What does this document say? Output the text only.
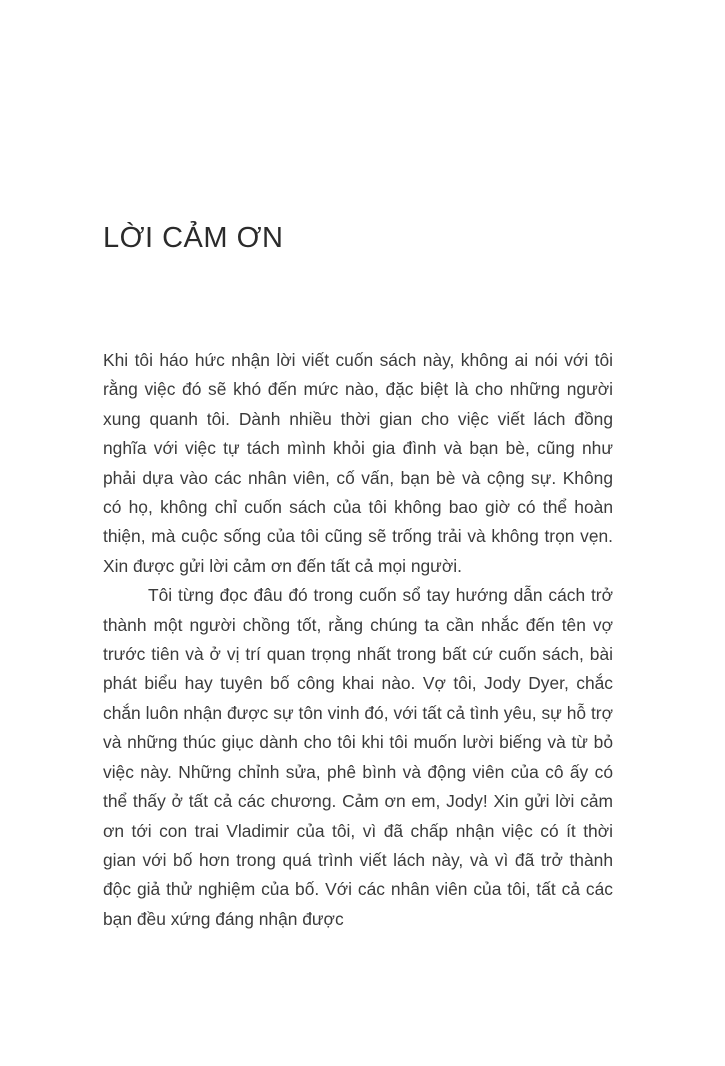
LỜI CẢM ƠN

Khi tôi háo hức nhận lời viết cuốn sách này, không ai nói với tôi rằng việc đó sẽ khó đến mức nào, đặc biệt là cho những người xung quanh tôi. Dành nhiều thời gian cho việc viết lách đồng nghĩa với việc tự tách mình khỏi gia đình và bạn bè, cũng như phải dựa vào các nhân viên, cố vấn, bạn bè và cộng sự. Không có họ, không chỉ cuốn sách của tôi không bao giờ có thể hoàn thiện, mà cuộc sống của tôi cũng sẽ trống trải và không trọn vẹn. Xin được gửi lời cảm ơn đến tất cả mọi người.

Tôi từng đọc đâu đó trong cuốn sổ tay hướng dẫn cách trở thành một người chồng tốt, rằng chúng ta cần nhắc đến tên vợ trước tiên và ở vị trí quan trọng nhất trong bất cứ cuốn sách, bài phát biểu hay tuyên bố công khai nào. Vợ tôi, Jody Dyer, chắc chắn luôn nhận được sự tôn vinh đó, với tất cả tình yêu, sự hỗ trợ và những thúc giục dành cho tôi khi tôi muốn lười biếng và từ bỏ việc này. Những chỉnh sửa, phê bình và động viên của cô ấy có thể thấy ở tất cả các chương. Cảm ơn em, Jody! Xin gửi lời cảm ơn tới con trai Vladimir của tôi, vì đã chấp nhận việc có ít thời gian với bố hơn trong quá trình viết lách này, và vì đã trở thành độc giả thử nghiệm của bố. Với các nhân viên của tôi, tất cả các bạn đều xứng đáng nhận được
